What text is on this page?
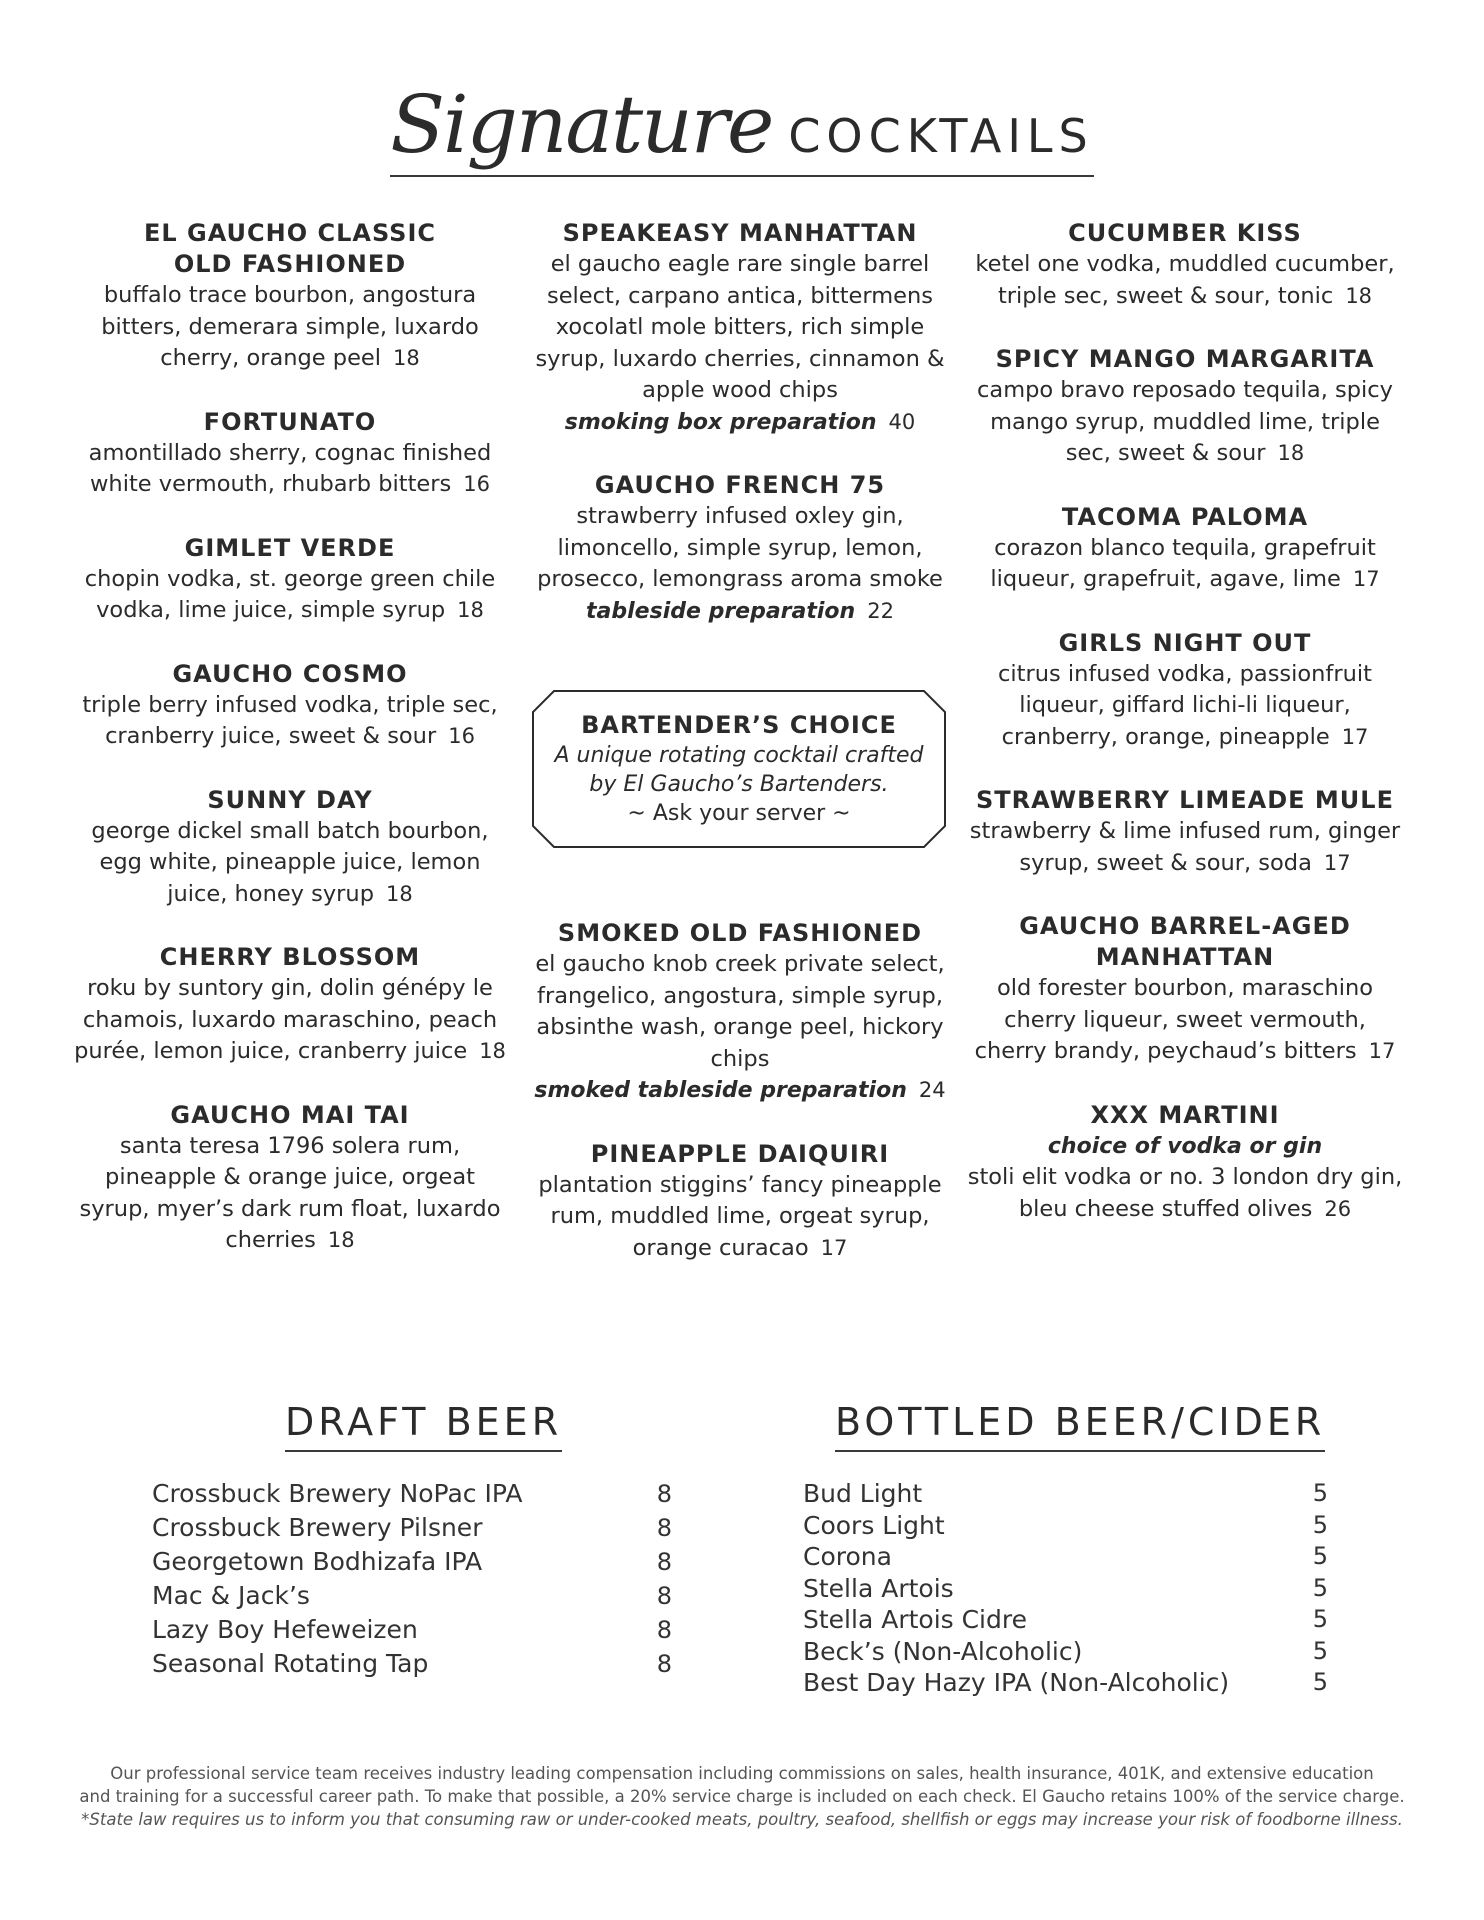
Signature COCKTAILS
EL GAUCHO CLASSIC
OLD FASHIONED
buffalo trace bourbon, angostura bitters, demerara simple, luxardo cherry, orange peel 18
FORTUNATO
amontillado sherry, cognac finished white vermouth, rhubarb bitters 16
GIMLET VERDE
chopin vodka, st. george green chile vodka, lime juice, simple syrup 18
GAUCHO COSMO
triple berry infused vodka, triple sec, cranberry juice, sweet & sour 16
SUNNY DAY
george dickel small batch bourbon, egg white, pineapple juice, lemon juice, honey syrup 18
CHERRY BLOSSOM
roku by suntory gin, dolin génépy le chamois, luxardo maraschino, peach purée, lemon juice, cranberry juice 18
GAUCHO MAI TAI
santa teresa 1796 solera rum, pineapple & orange juice, orgeat syrup, myer’s dark rum float, luxardo cherries 18
SPEAKEASY MANHATTAN
el gaucho eagle rare single barrel select, carpano antica, bittermens xocolatl mole bitters, rich simple syrup, luxardo cherries, cinnamon & apple wood chips
smoking box preparation 40
GAUCHO FRENCH 75
strawberry infused oxley gin, limoncello, simple syrup, lemon, prosecco, lemongrass aroma smoke
tableside preparation 22
SMOKED OLD FASHIONED
el gaucho knob creek private select, frangelico, angostura, simple syrup, absinthe wash, orange peel, hickory chips
smoked tableside preparation 24
PINEAPPLE DAIQUIRI
plantation stiggins’ fancy pineapple rum, muddled lime, orgeat syrup, orange curacao 17
CUCUMBER KISS
ketel one vodka, muddled cucumber, triple sec, sweet & sour, tonic 18
SPICY MANGO MARGARITA
campo bravo reposado tequila, spicy mango syrup, muddled lime, triple sec, sweet & sour 18
TACOMA PALOMA
corazon blanco tequila, grapefruit liqueur, grapefruit, agave, lime 17
GIRLS NIGHT OUT
citrus infused vodka, passionfruit liqueur, giffard lichi-li liqueur, cranberry, orange, pineapple 17
STRAWBERRY LIMEADE MULE
strawberry & lime infused rum, ginger syrup, sweet & sour, soda 17
GAUCHO BARREL-AGED
MANHATTAN
old forester bourbon, maraschino cherry liqueur, sweet vermouth, cherry brandy, peychaud’s bitters 17
XXX MARTINI
choice of vodka or gin
stoli elit vodka or no. 3 london dry gin, bleu cheese stuffed olives 26
BARTENDER’S CHOICE
A unique rotating cocktail crafted
by El Gaucho’s Bartenders.
~ Ask your server ~
DRAFT BEER	BOTTLED BEER/CIDER
Crossbuck Brewery NoPac IPA	8
Crossbuck Brewery Pilsner	8
Georgetown Bodhizafa IPA	8
Mac & Jack’s	8
Lazy Boy Hefeweizen	8
Seasonal Rotating Tap	8
Bud Light	5
Coors Light	5
Corona	5
Stella Artois	5
Stella Artois Cidre	5
Beck’s (Non-Alcoholic)	5
Best Day Hazy IPA (Non-Alcoholic)	5
Our professional service team receives industry leading compensation including commissions on sales, health insurance, 401K, and extensive education
and training for a successful career path. To make that possible, a 20% service charge is included on each check. El Gaucho retains 100% of the service charge.
*State law requires us to inform you that consuming raw or under-cooked meats, poultry, seafood, shellfish or eggs may increase your risk of foodborne illness.
